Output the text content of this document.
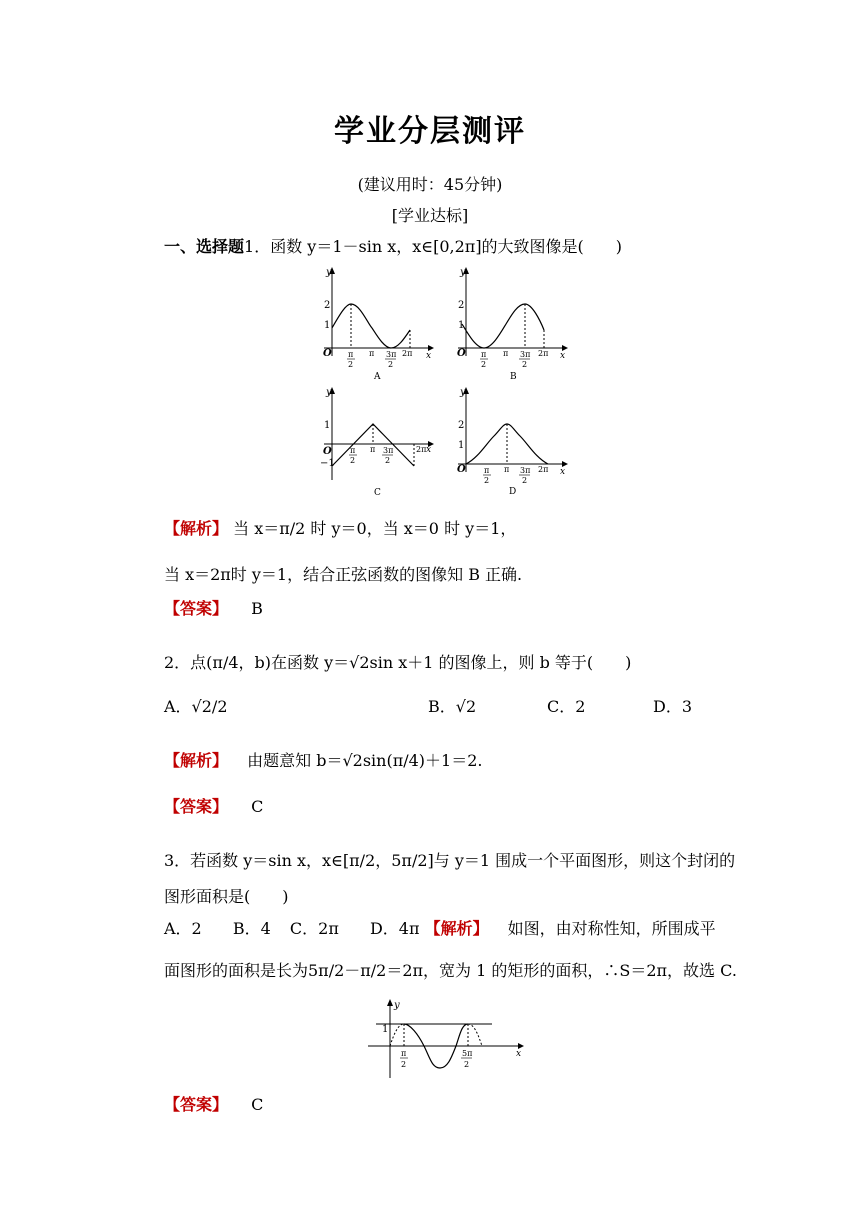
学业分层测评
(建议用时：45分钟)
[学业达标]
一、选择题1．函数 y＝1－sin x，x∈[0,2π]的大致图像是(　　)
y
x
O
2
1
π
2
π 3π
2
2π
A
y
x
O
2
1
π
2
π 3π
2
2π
B
y
x
O
1
−1
π
2
π 3π
2
2π
C
y
x
O
2
1
π
2
π 3π
2
2π
D
【解析】 当 x＝π/2 时 y＝0，当 x＝0 时 y＝1，
当 x＝2π时 y＝1，结合正弦函数的图像知 B 正确.
【答案】 B
2．点(π/4，b)在函数 y＝√2sin x＋1 的图像上，则 b 等于(　　)
A．√2/2	B．√2	C．2	D．3
【解析】 由题意知 b＝√2sin(π/4)＋1＝2.
【答案】 C
3．若函数 y＝sin x，x∈[π/2，5π/2]与 y＝1 围成一个平面图形，则这个封闭的
图形面积是(　　)
A．2 B．4 C．2π D．4π 【解析】 如图，由对称性知，所围成平
面图形的面积是长为5π/2－π/2＝2π，宽为 1 的矩形的面积，∴S＝2π，故选 C.
y
x
1
π
2
5π
2
【答案】 C
